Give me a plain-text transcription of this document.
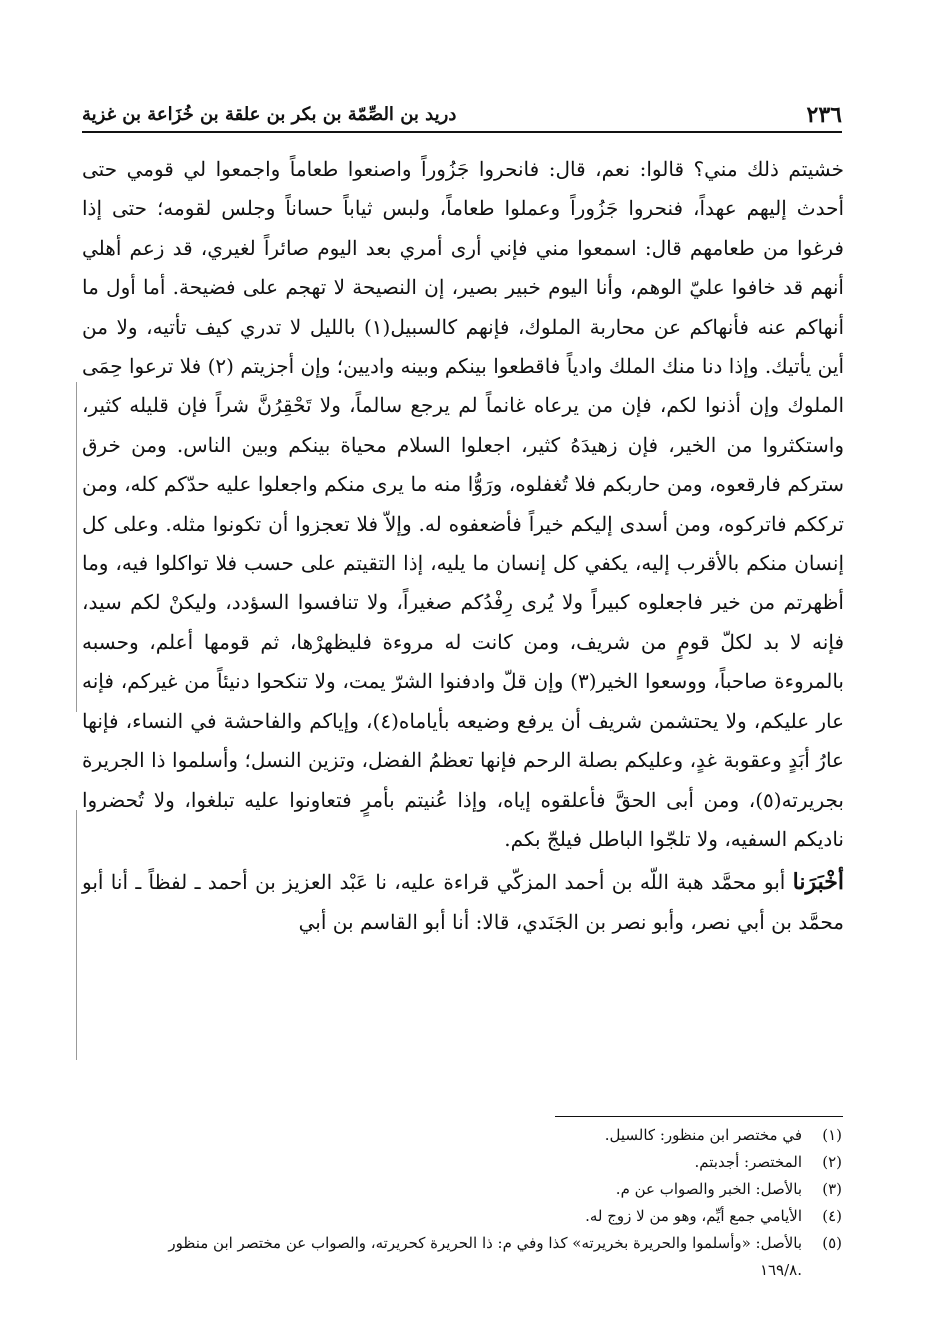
٢٣٦
دريد بن الصِّمّة بن بكر بن علقة بن خُزَاعة بن غزية

خشيتم ذلك مني؟ قالوا: نعم، قال: فانحروا جَزُوراً واصنعوا طعاماً واجمعوا لي قومي حتى أحدث إليهم عهداً، فنحروا جَزُوراً وعملوا طعاماً، ولبس ثياباً حساناً وجلس لقومه؛ حتى إذا فرغوا من طعامهم قال: اسمعوا مني فإني أرى أمري بعد اليوم صائراً لغيري، قد زعم أهلي أنهم قد خافوا عليّ الوهم، وأنا اليوم خبير بصير، إن النصيحة لا تهجم على فضيحة. أما أول ما أنهاكم عنه فأنهاكم عن محاربة الملوك، فإنهم كالسبيل(١) بالليل لا تدري كيف تأتيه، ولا من أين يأتيك. وإذا دنا منك الملك وادياً فاقطعوا بينكم وبينه واديين؛ وإن أجزيتم (٢) فلا ترعوا حِمَى الملوك وإن أذنوا لكم، فإن من يرعاه غانماً لم يرجع سالماً، ولا تَحْقِرُنَّ شراً فإن قليله كثير، واستكثروا من الخير، فإن زهيدَهُ كثير، اجعلوا السلام محياة بينكم وبين الناس. ومن خرق ستركم فارقعوه، ومن حاربكم فلا تُغفلوه، ورَوُّا منه ما يرى منكم واجعلوا عليه حدّكم كله، ومن ترككم فاتركوه، ومن أسدى إليكم خيراً فأضعفوه له. وإلاّ فلا تعجزوا أن تكونوا مثله. وعلى كل إنسان منكم بالأقرب إليه، يكفي كل إنسان ما يليه، إذا التقيتم على حسب فلا تواكلوا فيه، وما أظهرتم من خير فاجعلوه كبيراً ولا يُرى رِفْدُكم صغيراً، ولا تنافسوا السؤدد، وليكنْ لكم سيد، فإنه لا بد لكلّ قومٍ من شريف، ومن كانت له مروءة فليظهرْها، ثم قومها أعلم، وحسبه بالمروءة صاحباً، ووسعوا الخير(٣) وإن قلّ وادفنوا الشرّ يمت، ولا تنكحوا دنيئاً من غيركم، فإنه عار عليكم، ولا يحتشمن شريف أن يرفع وضيعه بأياماه(٤)، وإياكم والفاحشة في النساء، فإنها عارُ أبَدٍ وعقوبة غدٍ، وعليكم بصلة الرحم فإنها تعظمُ الفضل، وتزين النسل؛ وأسلموا ذا الجريرة بجريرته(٥)، ومن أبى الحقَّ فأعلقوه إياه، وإذا عُنيتم بأمرٍ فتعاونوا عليه تبلغوا، ولا تُحضروا ناديكم السفيه، ولا تلجّوا الباطل فيلجّ بكم.

أخْبَرَنا أبو محمَّد هبة اللّه بن أحمد المزكّي قراءة عليه، نا عَبْد العزيز بن أحمد ـ لفظاً ـ أنا أبو محمَّد بن أبي نصر، وأبو نصر بن الجَنَدي، قالا: أنا أبو القاسم بن أبي

(١)
في مختصر ابن منظور: كالسيل.
(٢)
المختصر: أجدبتم.
(٣)
بالأصل: الخبر والصواب عن م.
(٤)
الأيامي جمع أيِّم، وهو من لا زوج له.
(٥)
بالأصل: «وأسلموا والحريرة بخريرته» كذا وفي م: ذا الحريرة كحريرته، والصواب عن مختصر ابن منظور
.١٦٩/٨
